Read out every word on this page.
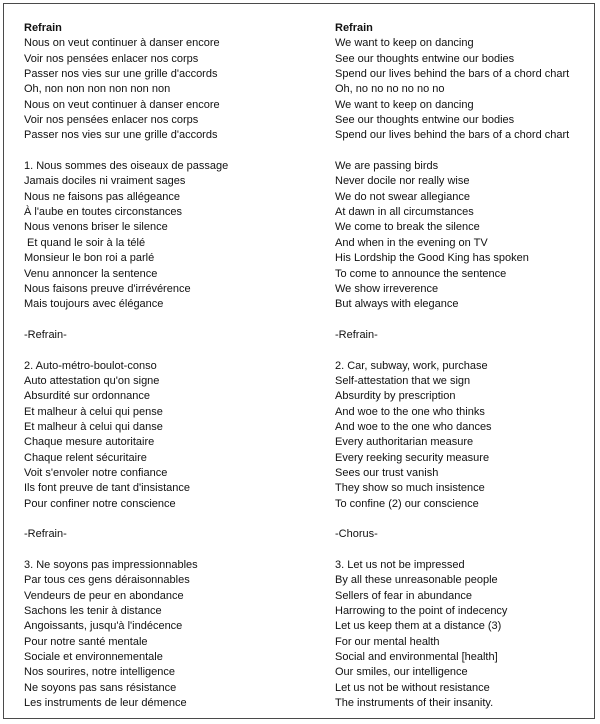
Refrain
Nous on veut continuer à danser encore
Voir nos pensées enlacer nos corps
Passer nos vies sur une grille d'accords
Oh, non non non non non non
Nous on veut continuer à danser encore
Voir nos pensées enlacer nos corps
Passer nos vies sur une grille d'accords
1. Nous sommes des oiseaux de passage
Jamais dociles ni vraiment sages
Nous ne faisons pas allégeance
À l'aube en toutes circonstances
Nous venons briser le silence
Et quand le soir à la télé
Monsieur le bon roi a parlé
Venu annoncer la sentence
Nous faisons preuve d'irrévérence
Mais toujours avec élégance
-Refrain-
2. Auto-métro-boulot-conso
Auto attestation qu'on signe
Absurdité sur ordonnance
Et malheur à celui qui pense
Et malheur à celui qui danse
Chaque mesure autoritaire
Chaque relent sécuritaire
Voit s'envoler notre confiance
Ils font preuve de tant d'insistance
Pour confiner notre conscience
-Refrain-
3. Ne soyons pas impressionnables
Par tous ces gens déraisonnables
Vendeurs de peur en abondance
Sachons les tenir à distance
Angoissants, jusqu'à l'indécence
Pour notre santé mentale
Sociale et environnementale
Nos sourires, notre intelligence
Ne soyons pas sans résistance
Les instruments de leur démence
Refrain
We want to keep on dancing
See our thoughts entwine our bodies
Spend our lives behind the bars of a chord chart
Oh, no no no no no no
We want to keep on dancing
See our thoughts entwine our bodies
Spend our lives behind the bars of a chord chart
We are passing birds
Never docile nor really wise
We do not swear allegiance
At dawn in all circumstances
We come to break the silence
And when in the evening on TV
His Lordship the Good King has spoken
To come to announce the sentence
We show irreverence
But always with elegance
-Refrain-
2. Car, subway, work, purchase
Self-attestation that we sign
Absurdity by prescription
And woe to the one who thinks
And woe to the one who dances
Every authoritarian measure
Every reeking security measure
Sees our trust vanish
They show so much insistence
To confine (2) our conscience
-Chorus-
3. Let us not be impressed
By all these unreasonable people
Sellers of fear in abundance
Harrowing to the point of indecency
Let us keep them at a distance (3)
For our mental health
Social and environmental [health]
Our smiles, our intelligence
Let us not be without resistance
The instruments of their insanity.
